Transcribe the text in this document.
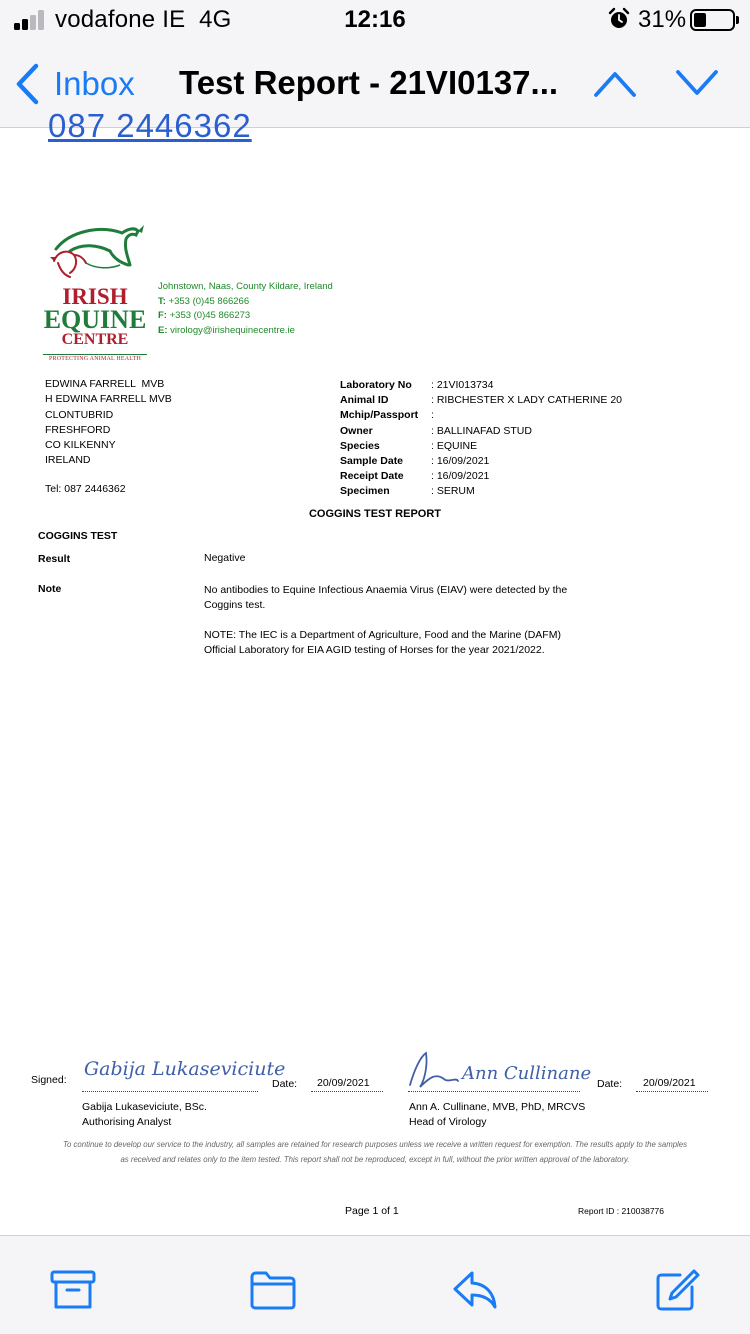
vodafone IE 4G	12:16	31%
Inbox Test Report - 21VI0137...
087 2446362
IRISH
EQUINE
CENTRE
PROTECTING ANIMAL HEALTH
Johnstown, Naas, County Kildare, Ireland
T: +353 (0)45 866266
F: +353 (0)45 866273
E: virology@irishequinecentre.ie
EDWINA FARRELL  MVB
H EDWINA FARRELL MVB
CLONTUBRID
FRESHFORD
CO KILKENNY
IRELAND
Tel: 087 2446362
Laboratory No	: 21VI013734
Animal ID	: RIBCHESTER X LADY CATHERINE 20
Mchip/Passport	:
Owner	: BALLINAFAD STUD
Species	: EQUINE
Sample Date	: 16/09/2021
Receipt Date	: 16/09/2021
Specimen	: SERUM
COGGINS TEST REPORT
COGGINS TEST
Result	Negative
Note	No antibodies to Equine Infectious Anaemia Virus (EIAV) were detected by the Coggins test.
NOTE: The IEC is a Department of Agriculture, Food and the Marine (DAFM) Official Laboratory for EIA AGID testing of Horses for the year 2021/2022.
Signed: Gabija Lukaseviciute
Date: 20/09/2021	Ann Cullinane Date: 20/09/2021
Gabija Lukaseviciute, BSc.
Authorising Analyst
Ann A. Cullinane, MVB, PhD, MRCVS
Head of Virology
To continue to develop our service to the industry, all samples are retained for research purposes unless we receive a written request for exemption. The results apply to the samples as received and relates only to the item tested. This report shall not be reproduced, except in full, without the prior written approval of the laboratory.
Page 1 of 1	Report ID : 210038776
